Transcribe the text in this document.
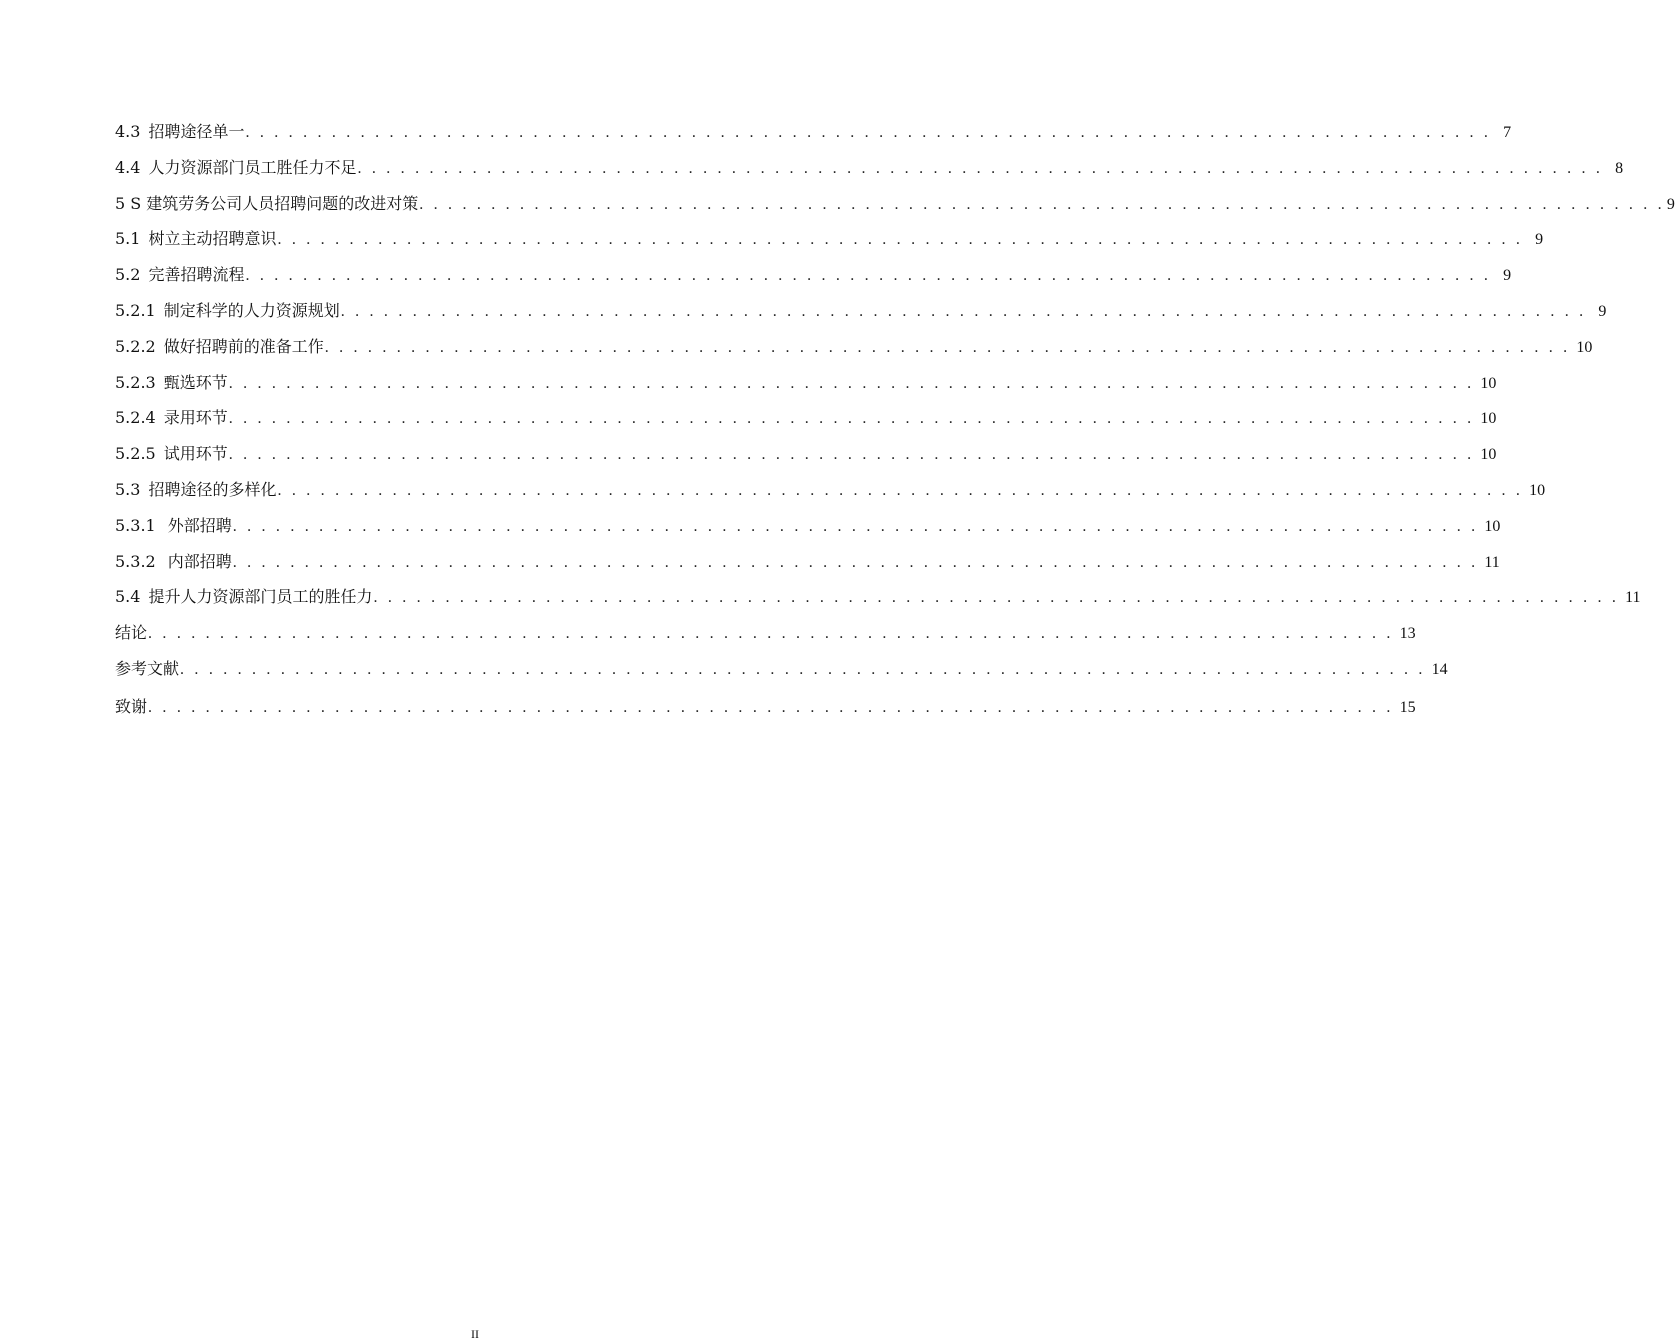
4.3 招聘途径单一 . . . . . . . . . . . . . . . . . . . . . . . . . . . . . . . . . . . . . . . . . . . . . . . . . . . . . . . . . . . . . . . . . . . . . . . . . . . . . . . . . . . . . . . 7
4.4 人力资源部门员工胜任力不足 . . . . . . . . . . . . . . . . . . . . . . . . . . . . . . . . . . . . . . . . . . . . . . . . . . . . . . . . . . . . . . . . . . . . . . . . . . . . . . . . . . . . . . . 8
5 S 建筑劳务公司人员招聘问题的改进对策 . . . . . . . . . . . . . . . . . . . . . . . . . . . . . . . . . . . . . . . . . . . . . . . . . . . . . . . . . . . . . . . . . . . . . . . . . . . . . . . . . . . . . . . 9
5.1 树立主动招聘意识 . . . . . . . . . . . . . . . . . . . . . . . . . . . . . . . . . . . . . . . . . . . . . . . . . . . . . . . . . . . . . . . . . . . . . . . . . . . . . . . . . . . . . . . 9
5.2 完善招聘流程 . . . . . . . . . . . . . . . . . . . . . . . . . . . . . . . . . . . . . . . . . . . . . . . . . . . . . . . . . . . . . . . . . . . . . . . . . . . . . . . . . . . . . . . 9
5.2.1 制定科学的人力资源规划 . . . . . . . . . . . . . . . . . . . . . . . . . . . . . . . . . . . . . . . . . . . . . . . . . . . . . . . . . . . . . . . . . . . . . . . . . . . . . . . . . . . . . . . 9
5.2.2 做好招聘前的准备工作 . . . . . . . . . . . . . . . . . . . . . . . . . . . . . . . . . . . . . . . . . . . . . . . . . . . . . . . . . . . . . . . . . . . . . . . . . . . . . . . . . . . . . . . 10
5.2.3 甄选环节 . . . . . . . . . . . . . . . . . . . . . . . . . . . . . . . . . . . . . . . . . . . . . . . . . . . . . . . . . . . . . . . . . . . . . . . . . . . . . . . . . . . . . . . 10
5.2.4 录用环节 . . . . . . . . . . . . . . . . . . . . . . . . . . . . . . . . . . . . . . . . . . . . . . . . . . . . . . . . . . . . . . . . . . . . . . . . . . . . . . . . . . . . . . . 10
5.2.5 试用环节 . . . . . . . . . . . . . . . . . . . . . . . . . . . . . . . . . . . . . . . . . . . . . . . . . . . . . . . . . . . . . . . . . . . . . . . . . . . . . . . . . . . . . . . 10
5.3 招聘途径的多样化 . . . . . . . . . . . . . . . . . . . . . . . . . . . . . . . . . . . . . . . . . . . . . . . . . . . . . . . . . . . . . . . . . . . . . . . . . . . . . . . . . . . . . . . 10
5.3.1 外部招聘 . . . . . . . . . . . . . . . . . . . . . . . . . . . . . . . . . . . . . . . . . . . . . . . . . . . . . . . . . . . . . . . . . . . . . . . . . . . . . . . . . . . . . . . 10
5.3.2 内部招聘 . . . . . . . . . . . . . . . . . . . . . . . . . . . . . . . . . . . . . . . . . . . . . . . . . . . . . . . . . . . . . . . . . . . . . . . . . . . . . . . . . . . . . . . 11
5.4 提升人力资源部门员工的胜任力 . . . . . . . . . . . . . . . . . . . . . . . . . . . . . . . . . . . . . . . . . . . . . . . . . . . . . . . . . . . . . . . . . . . . . . . . . . . . . . . . . . . . . . . 11
结论 . . . . . . . . . . . . . . . . . . . . . . . . . . . . . . . . . . . . . . . . . . . . . . . . . . . . . . . . . . . . . . . . . . . . . . . . . . . . . . . . . . . . . . . 13
参考文献 . . . . . . . . . . . . . . . . . . . . . . . . . . . . . . . . . . . . . . . . . . . . . . . . . . . . . . . . . . . . . . . . . . . . . . . . . . . . . . . . . . . . . . . 14
致谢 . . . . . . . . . . . . . . . . . . . . . . . . . . . . . . . . . . . . . . . . . . . . . . . . . . . . . . . . . . . . . . . . . . . . . . . . . . . . . . . . . . . . . . . 15
II
